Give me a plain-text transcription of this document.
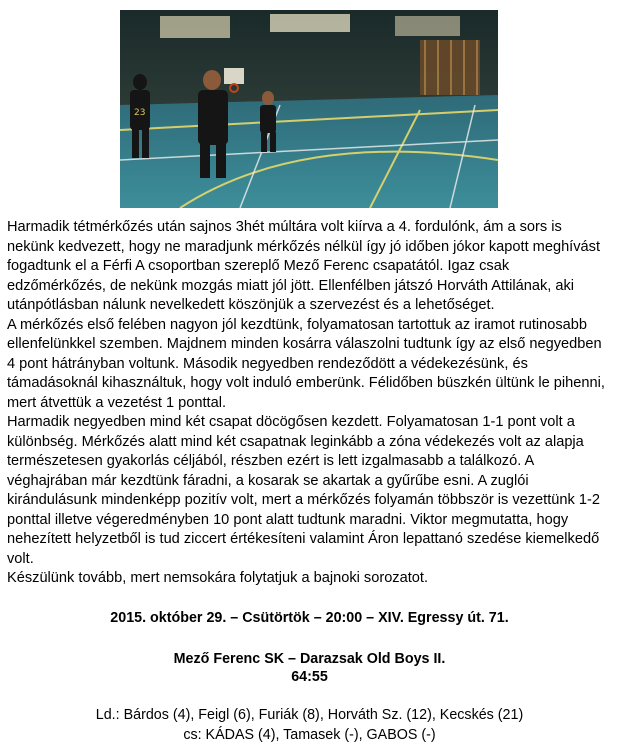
23

Harmadik tétmérkőzés után sajnos 3hét múltára volt kiírva a 4. fordulónk, ám a sors is nekünk kedvezett, hogy ne maradjunk mérkőzés nélkül így jó időben jókor kapott meghívást fogadtunk el a Férfi A csoportban szereplő Mező Ferenc csapatától. Igaz csak edzőmérkőzés, de nekünk mozgás miatt jól jött. Ellenfélben játszó Horváth Attilának, aki utánpótlásban nálunk nevelkedett köszönjük a szervezést és a lehetőséget.

A mérkőzés első felében nagyon jól kezdtünk, folyamatosan tartottuk az iramot rutinosabb ellenfelünkkel szemben. Majdnem minden kosárra válaszolni tudtunk így az első negyedben 4 pont hátrányban voltunk. Második negyedben rendeződött a védekezésünk, és támadásoknál kihasználtuk, hogy volt induló emberünk. Félidőben büszkén ültünk le pihenni, mert átvettük a vezetést 1 ponttal.

Harmadik negyedben mind két csapat döcögősen kezdett. Folyamatosan 1-1 pont volt a különbség. Mérkőzés alatt mind két csapatnak leginkább a zóna védekezés volt az alapja természetesen gyakorlás céljából, részben ezért is lett izgalmasabb a találkozó. A véghajrában már kezdtünk fáradni, a kosarak se akartak a gyűrűbe esni. A zuglói kirándulásunk mindenképp pozitív volt, mert a mérkőzés folyamán többször is vezettünk 1-2 ponttal illetve végeredményben 10 pont alatt tudtunk maradni. Viktor megmutatta, hogy nehezített helyzetből is tud ziccert értékesíteni valamint Áron lepattanó szedése kiemelkedő volt.

Készülünk tovább, mert nemsokára folytatjuk a bajnoki sorozatot.

2015. október 29. – Csütörtök – 20:00 – XIV. Egressy út. 71.
Mező Ferenc SK – Darazsak Old Boys II.
64:55
Ld.: Bárdos (4), Feigl (6), Furiák (8), Horváth Sz. (12), Kecskés (21)
cs: KÁDAS (4), Tamasek (-), GABOS (-)
